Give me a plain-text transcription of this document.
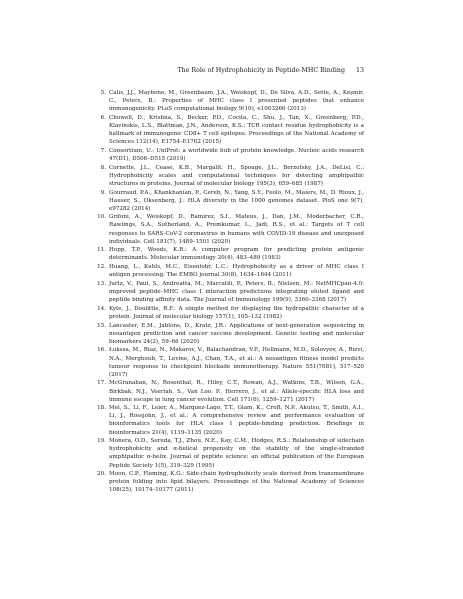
The Role of Hydrophobicity in Peptide-MHC Binding 13
5. Calis, J.J., Maybeno, M., Greenbaum, J.A., Weiskopf, D., De Silva, A.D., Sette, A., Keşmir, C., Peters, B.: Properties of MHC class I presented peptides that enhance immunogenicity. PLoS computational biology 9(10), e1003266 (2013)
6. Chowell, D., Krishna, S., Becker, P.D., Cocita, C., Shu, J., Tan, X., Greenberg, P.D., Klavinskis, L.S., Blattman, J.N., Anderson, K.S.: TCR contact residue hydrophobicity is a hallmark of immunogenic CD8+ T cell epitopes. Proceedings of the National Academy of Sciences 112(14), E1754–E1762 (2015)
7. Consortium, U.: UniProt: a worldwide hub of protein knowledge. Nucleic acids research 47(D1), D506–D515 (2019)
8. Cornette, J.L., Cease, K.B., Margalit, H., Spouge, J.L., Berzofsky, J.A., DeLisi, C.: Hydrophobicity scales and computational techniques for detecting amphipathic structures in proteins. Journal of molecular biology 195(3), 659–685 (1987)
9. Gourraud, P.A., Khankhanian, P., Cereb, N., Yang, S.Y., Feolo, M., Maiers, M., D. Rioux, J., Hauser, S., Oksenberg, J.: HLA diversity in the 1000 genomes dataset. PloS one 9(7), e97282 (2014)
10. Grifoni, A., Weiskopf, D., Ramirez, S.I., Mateus, J., Dan, J.M., Moderbacher, C.R., Rawlings, S.A., Sutherland, A., Premkumar, L., Jadi, R.S., et al.: Targets of T cell responses to SARS-CoV-2 coronavirus in humans with COVID-19 disease and unexposed individuals. Cell 181(7), 1489–1501 (2020)
11. Hopp, T.P., Woods, K.R.: A computer program for predicting protein antigenic determinants. Molecular immunology 20(4), 483–489 (1983)
12. Huang, L., Kuhls, M.C., Eisenlohr, L.C.: Hydrophobicity as a driver of MHC class I antigen processing. The EMBO journal 30(8), 1634–1644 (2011)
13. Jurtz, V., Paul, S., Andreatta, M., Marcatili, P., Peters, B., Nielsen, M.: NetMHCpan-4.0: improved peptide–MHC class I interaction predictions integrating eluted ligand and peptide binding affinity data. The Journal of Immunology 199(9), 3360–3368 (2017)
14. Kyte, J., Doolittle, R.F.: A simple method for displaying the hydropathic character of a protein. Journal of molecular biology 157(1), 105–132 (1982)
15. Lancaster, E.M., Jablons, D., Kratz, J.R.: Applications of next-generation sequencing in neoantigen prediction and cancer vaccine development. Genetic testing and molecular biomarkers 24(2), 59–66 (2020)
16. Łuksza, M., Riaz, N., Makarov, V., Balachandran, V.P., Hellmann, M.D., Solovyov, A., Rizvi, N.A., Merghoub, T., Levine, A.J., Chan, T.A., et al.: A neoantigen fitness model predicts tumour response to checkpoint blockade immunotherapy. Nature 551(7681), 517–520 (2017)
17. McGranahan, N., Rosenthal, R., Hiley, C.T., Rowan, A.J., Watkins, T.B., Wilson, G.A., Birkbak, N.J., Veeriah, S., Van Loo, P., Herrero, J., et al.: Allele-specific HLA loss and immune escape in lung cancer evolution. Cell 171(6), 1259–1271 (2017)
18. Mei, S., Li, F., Leier, A., Marquez-Lago, T.T., Giam, K., Croft, N.P., Akutsu, T., Smith, A.I., Li, J., Rossjohn, J., et al.: A comprehensive review and performance evaluation of bioinformatics tools for HLA class I peptide-binding prediction. Briefings in bioinformatics 21(4), 1119–1135 (2020)
19. Monera, O.D., Sereda, T.J., Zhou, N.E., Kay, C.M., Hodges, R.S.: Relationship of sidechain hydrophobicity and α-helical propensity on the stability of the single-stranded amphipathic α-helix. Journal of peptide science: an official publication of the European Peptide Society 1(5), 319–329 (1995)
20. Moon, C.P., Fleming, K.G.: Side-chain hydrophobicity scale derived from transmembrane protein folding into lipid bilayers. Proceedings of the National Academy of Sciences 108(25), 10174–10177 (2011)
